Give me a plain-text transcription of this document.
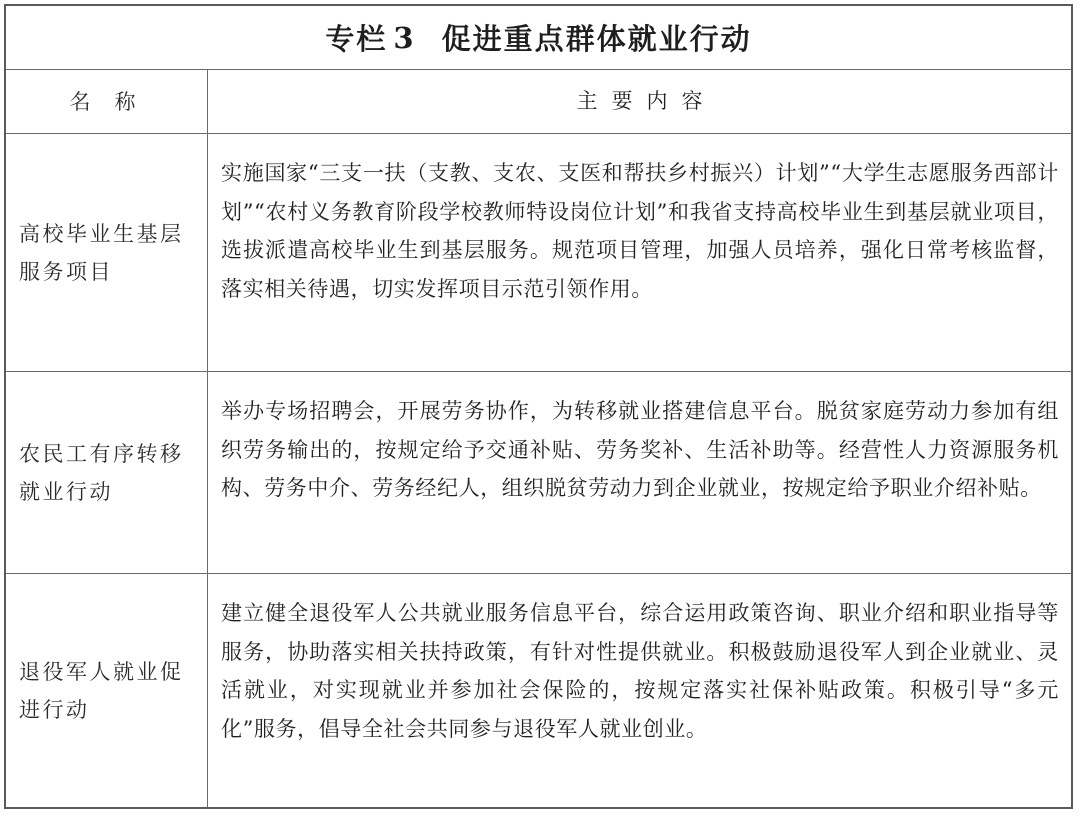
专栏 3 促进重点群体就业行动
名称	主要内容
高校毕业生基层服务项目
实施国家“三支一扶（支教、支农、支医和帮扶乡村振兴）计划”“大学生志愿服务西部计划”“农村义务教育阶段学校教师特设岗位计划”和我省支持高校毕业生到基层就业项目，选拔派遣高校毕业生到基层服务。规范项目管理，加强人员培养，强化日常考核监督，落实相关待遇，切实发挥项目示范引领作用。
农民工有序转移就业行动
举办专场招聘会，开展劳务协作，为转移就业搭建信息平台。脱贫家庭劳动力参加有组织劳务输出的，按规定给予交通补贴、劳务奖补、生活补助等。经营性人力资源服务机构、劳务中介、劳务经纪人，组织脱贫劳动力到企业就业，按规定给予职业介绍补贴。
退役军人就业促进行动
建立健全退役军人公共就业服务信息平台，综合运用政策咨询、职业介绍和职业指导等服务，协助落实相关扶持政策，有针对性提供就业。积极鼓励退役军人到企业就业、灵活就业，对实现就业并参加社会保险的，按规定落实社保补贴政策。积极引导“多元化”服务，倡导全社会共同参与退役军人就业创业。
